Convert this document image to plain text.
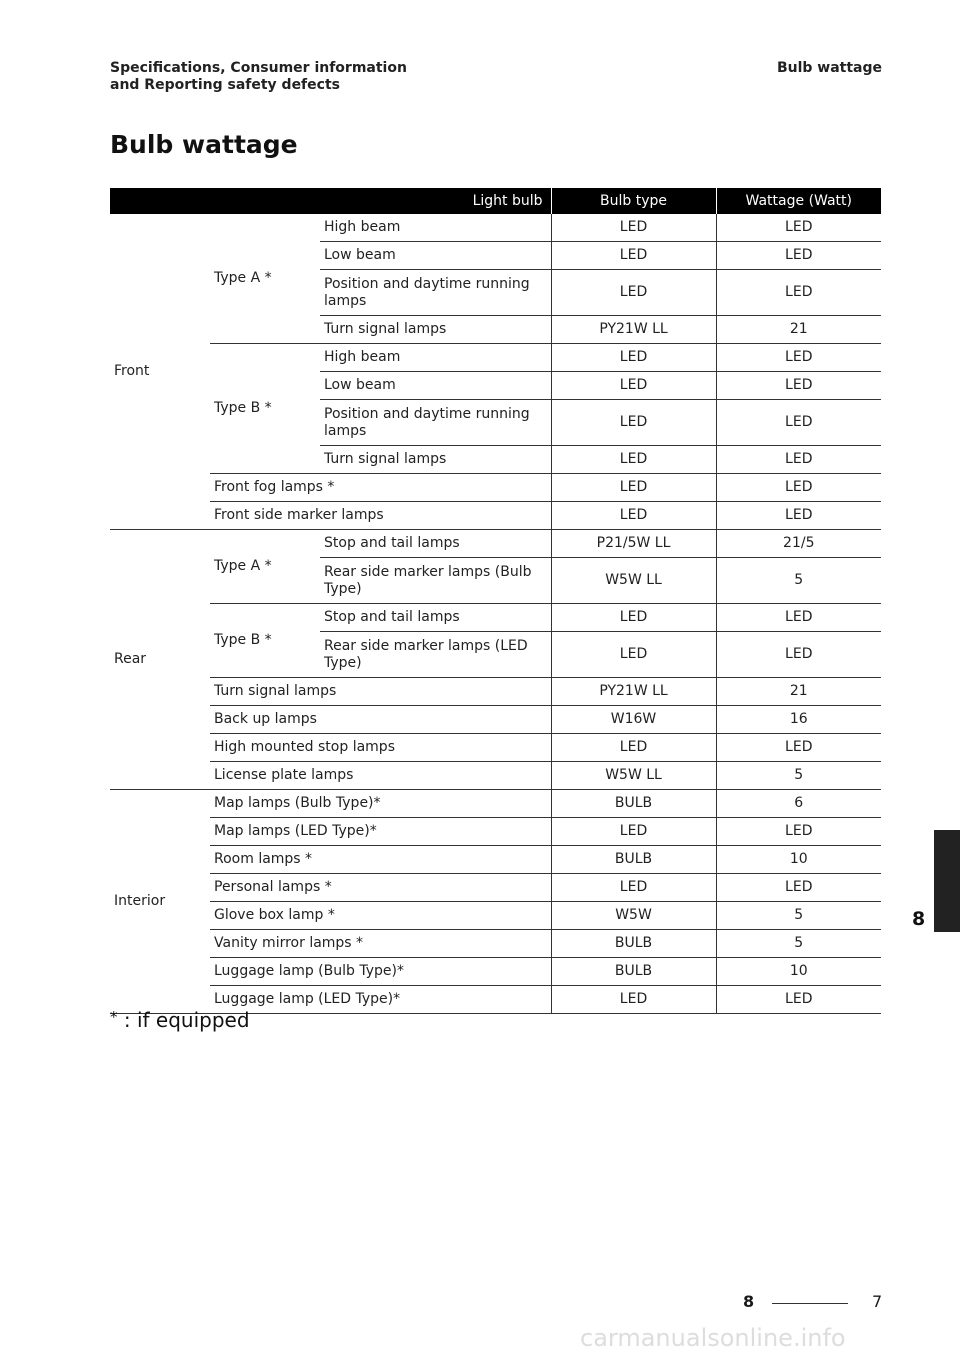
Specifications, Consumer information
and Reporting safety defects
Bulb wattage
Bulb wattage
Light bulb			Bulb type	Wattage (Watt)
Front	Type A *	High beam	LED	LED
		Low beam	LED	LED
		Position and daytime running lamps	LED	LED
		Turn signal lamps	PY21W LL	21
	Type B *	High beam	LED	LED
		Low beam	LED	LED
		Position and daytime running lamps	LED	LED
		Turn signal lamps	LED	LED
	Front fog lamps *		LED	LED
	Front side marker lamps		LED	LED
Rear	Type A *	Stop and tail lamps	P21/5W LL	21/5
		Rear side marker lamps (Bulb Type)	W5W LL	5
	Type B *	Stop and tail lamps	LED	LED
		Rear side marker lamps (LED Type)	LED	LED
	Turn signal lamps		PY21W LL	21
	Back up lamps		W16W	16
	High mounted stop lamps		LED	LED
	License plate lamps		W5W LL	5
Interior	Map lamps (Bulb Type)*		BULB	6
	Map lamps (LED Type)*		LED	LED
	Room lamps *		BULB	10
	Personal lamps *		LED	LED
	Glove box lamp *		W5W	5
	Vanity mirror lamps *		BULB	5
	Luggage lamp (Bulb Type)*		BULB	10
	Luggage lamp (LED Type)*		LED	LED
* : if equipped
8
8	7
carmanualsonline.info
